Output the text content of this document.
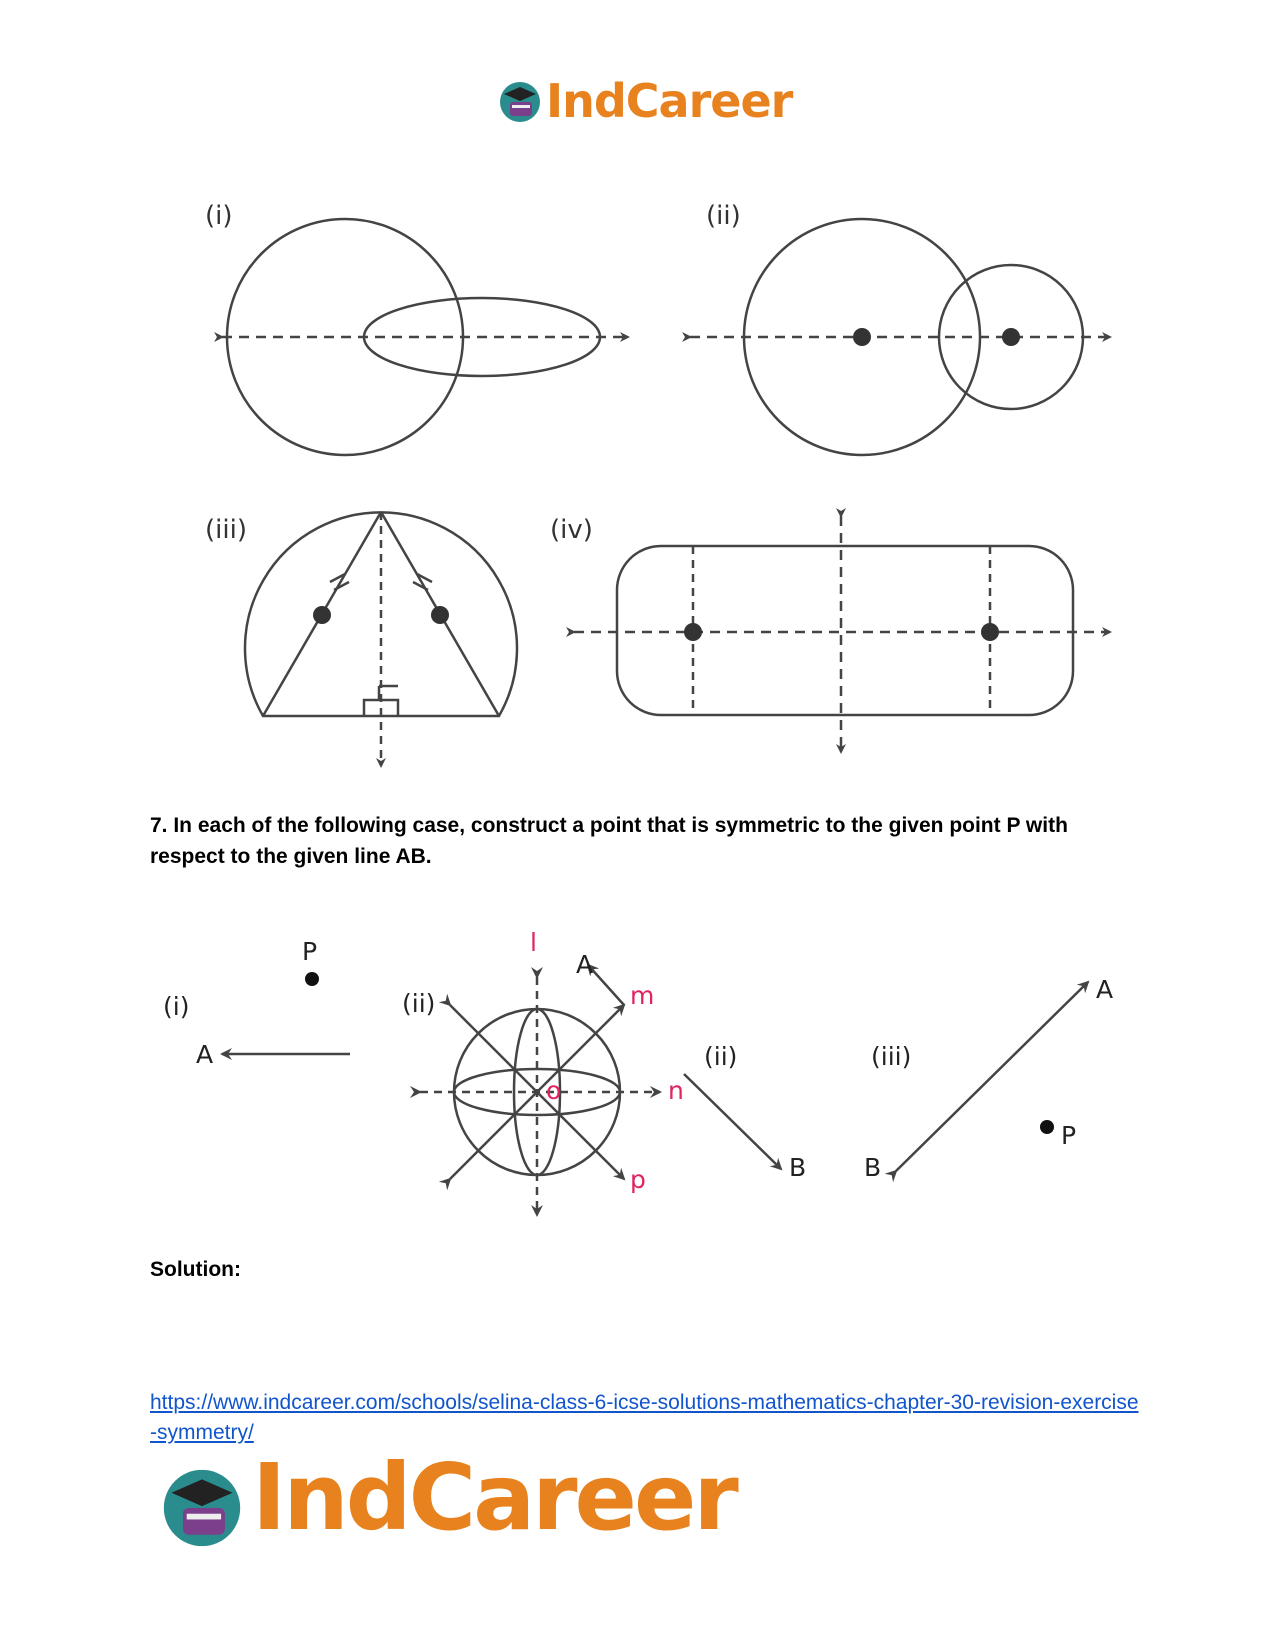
IndCareer
(i)	(ii)
(iii)	(iv)
7. In each of the following case, construct a point that is symmetric to the given point P with respect to the given line AB.
(i)	(ii)
(ii)	(iii)
P
A
A
B
A
B
P
l
m
n
p
o
Solution:
https://www.indcareer.com/schools/selina-class-6-icse-solutions-mathematics-chapter-30-revision-exercise-symmetry/
IndCareer
